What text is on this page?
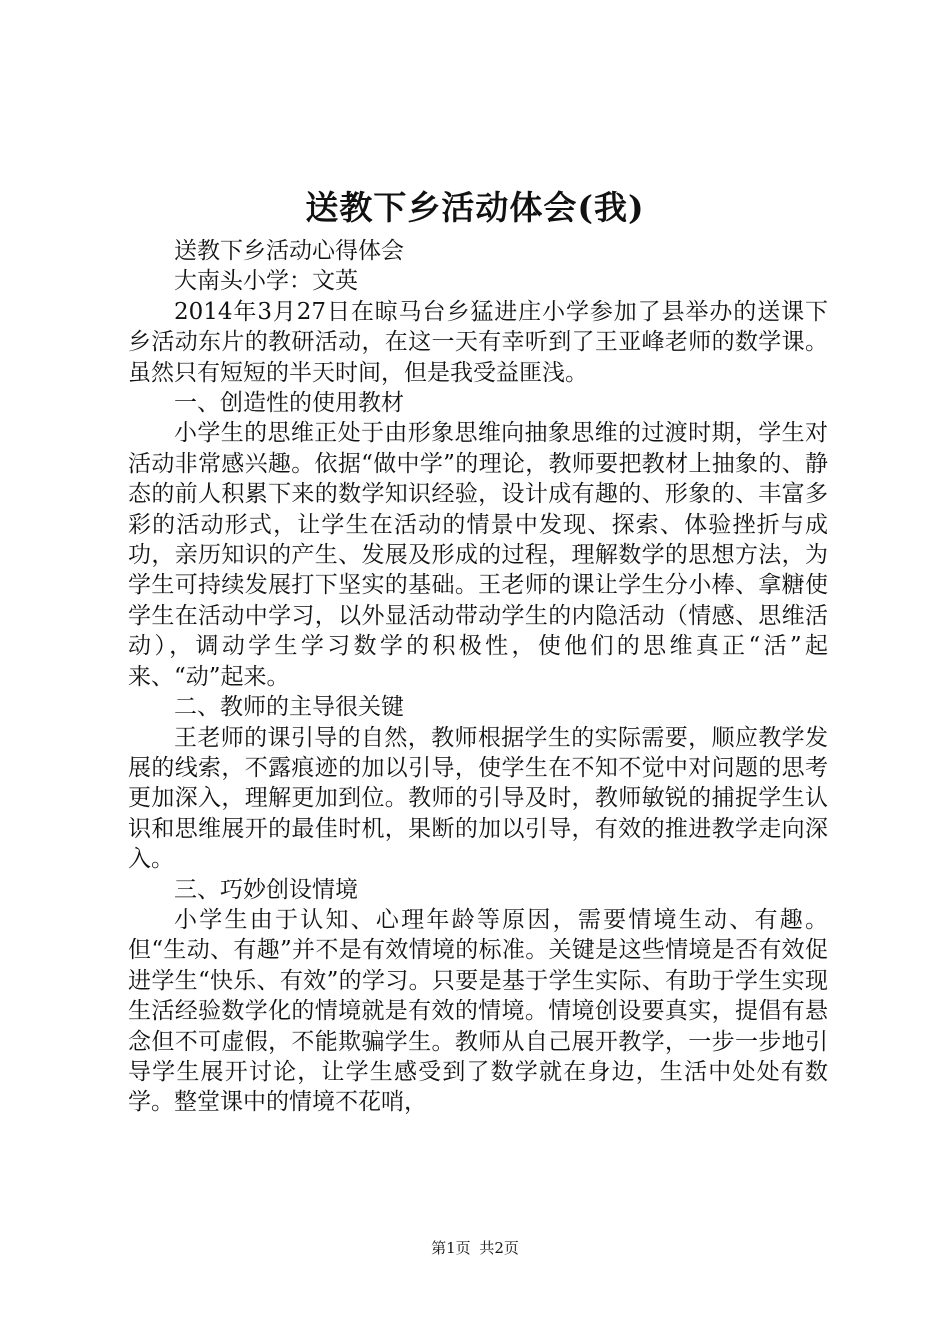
送教下乡活动体会(我)

送教下乡活动心得体会

大南头小学：文英

2014年3月27日在晾马台乡猛进庄小学参加了县举办的送课下乡活动东片的教研活动，在这一天有幸听到了王亚峰老师的数学课。虽然只有短短的半天时间，但是我受益匪浅。

一、创造性的使用教材

小学生的思维正处于由形象思维向抽象思维的过渡时期，学生对活动非常感兴趣。依据“做中学”的理论，教师要把教材上抽象的、静态的前人积累下来的数学知识经验，设计成有趣的、形象的、丰富多彩的活动形式，让学生在活动的情景中发现、探索、体验挫折与成功，亲历知识的产生、发展及形成的过程，理解数学的思想方法，为学生可持续发展打下坚实的基础。王老师的课让学生分小棒、拿糖使学生在活动中学习，以外显活动带动学生的内隐活动（情感、思维活动），调动学生学习数学的积极性，使他们的思维真正“活”起来、“动”起来。

二、教师的主导很关键

王老师的课引导的自然，教师根据学生的实际需要，顺应教学发展的线索，不露痕迹的加以引导，使学生在不知不觉中对问题的思考更加深入，理解更加到位。教师的引导及时，教师敏锐的捕捉学生认识和思维展开的最佳时机，果断的加以引导，有效的推进教学走向深入。

三、巧妙创设情境

小学生由于认知、心理年龄等原因，需要情境生动、有趣。但“生动、有趣”并不是有效情境的标准。关键是这些情境是否有效促进学生“快乐、有效”的学习。只要是基于学生实际、有助于学生实现生活经验数学化的情境就是有效的情境。情境创设要真实，提倡有悬念但不可虚假，不能欺骗学生。教师从自己展开教学，一步一步地引导学生展开讨论，让学生感受到了数学就在身边，生活中处处有数学。整堂课中的情境不花哨，

第1页 共2页
